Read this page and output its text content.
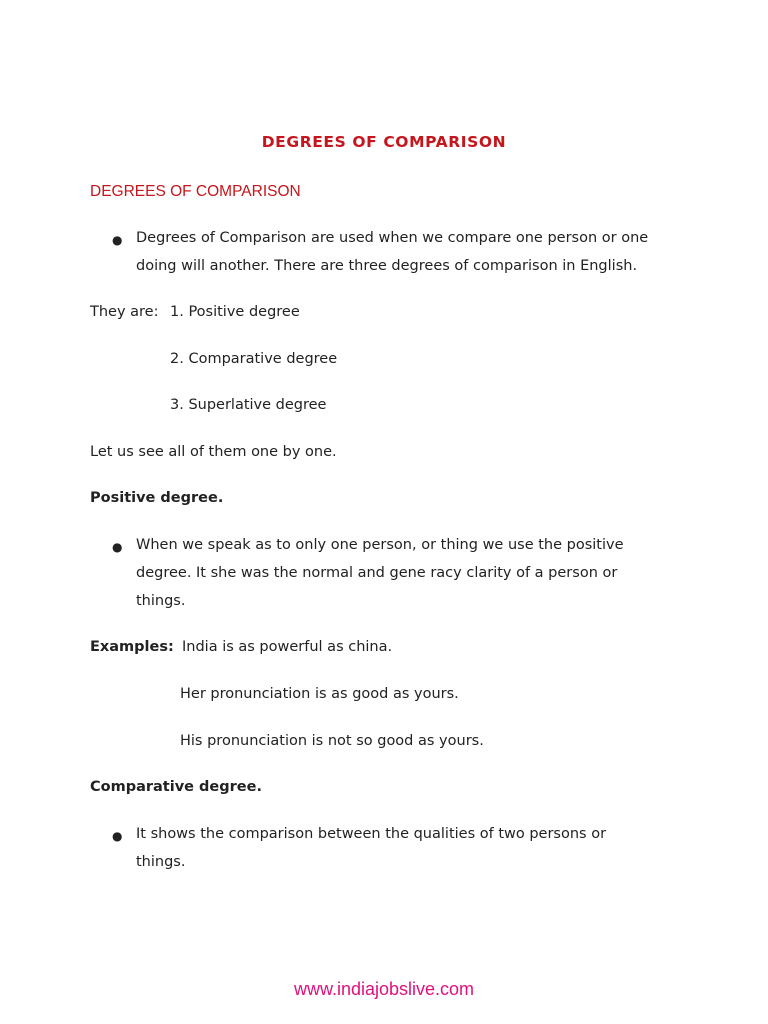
DEGREES OF COMPARISON
DEGREES OF COMPARISON
● Degrees of Comparison are used when we compare one person or one
doing will another. There are three degrees of comparison in English.
They are: 1. Positive degree
2. Comparative degree
3. Superlative degree
Let us see all of them one by one.
Positive degree.
● When we speak as to only one person, or thing we use the positive
degree. It she was the normal and gene racy clarity of a person or
things.
Examples: India is as powerful as china.
Her pronunciation is as good as yours.
His pronunciation is not so good as yours.
Comparative degree.
● It shows the comparison between the qualities of two persons or
things.
www.indiajobslive.com
